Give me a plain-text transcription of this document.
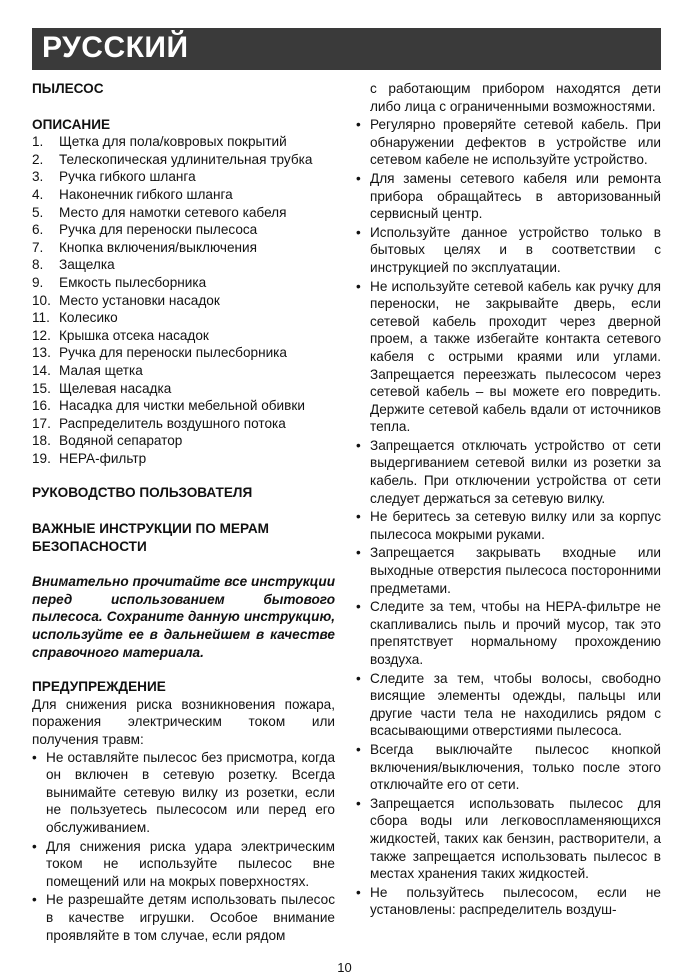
РУССКИЙ

ПЫЛЕСОС

ОПИСАНИЕ

1.	Щетка для пола/ковровых покрытий
2.	Телескопическая удлинительная трубка
3.	Ручка гибкого шланга
4.	Наконечник гибкого шланга
5.	Место для намотки сетевого кабеля
6.	Ручка для переноски пылесоса
7.	Кнопка включения/выключения
8.	Защелка
9.	Емкость пылесборника
10. Место установки насадок
11. Колесико
12. Крышка отсека насадок
13. Ручка для переноски пылесборника
14. Малая щетка
15. Щелевая насадка
16. Насадка для чистки мебельной обивки
17. Распределитель воздушного потока
18. Водяной сепаратор
19. НЕРА-фильтр

РУКОВОДСТВО ПОЛЬЗОВАТЕЛЯ

ВАЖНЫЕ ИНСТРУКЦИИ ПО МЕРАМ БЕЗОПАСНОСТИ

Внимательно прочитайте все инструкции перед использованием бытового пылесоса. Сохраните данную инструкцию, используйте ее в дальнейшем в качестве справочного материала.

ПРЕДУПРЕЖДЕНИЕ

Для снижения риска возникновения пожара, поражения электрическим током или получения травм:

• Не оставляйте пылесос без присмотра, когда он включен в сетевую розетку. Всегда вынимайте сетевую вилку из розетки, если не пользуетесь пылесосом или перед его обслуживанием.
• Для снижения риска удара электрическим током не используйте пылесос вне помещений или на мокрых поверхностях.
• Не разрешайте детям использовать пылесос в качестве игрушки. Особое внимание проявляйте в том случае, если рядом

с работающим прибором находятся дети либо лица с ограниченными возможностями.

• Регулярно проверяйте сетевой кабель. При обнаружении дефектов в устройстве или сетевом кабеле не используйте устройство.
• Для замены сетевого кабеля или ремонта прибора обращайтесь в авторизованный сервисный центр.
• Используйте данное устройство только в бытовых целях и в соответствии с инструкцией по эксплуатации.
• Не используйте сетевой кабель как ручку для переноски, не закрывайте дверь, если сетевой кабель проходит через дверной проем, а также избегайте контакта сетевого кабеля с острыми краями или углами. Запрещается переезжать пылесосом через сетевой кабель – вы можете его повредить. Держите сетевой кабель вдали от источников тепла.
• Запрещается отключать устройство от сети выдергиванием сетевой вилки из розетки за кабель. При отключении устройства от сети следует держаться за сетевую вилку.
• Не беритесь за сетевую вилку или за корпус пылесоса мокрыми руками.
• Запрещается закрывать входные или выходные отверстия пылесоса посторонними предметами.
• Следите за тем, чтобы на НЕРА-фильтре не скапливались пыль и прочий мусор, так это препятствует нормальному прохождению воздуха.
• Следите за тем, чтобы волосы, свободно висящие элементы одежды, пальцы или другие части тела не находились рядом с всасывающими отверстиями пылесоса.
• Всегда выключайте пылесос кнопкой включения/выключения, только после этого отключайте его от сети.
• Запрещается использовать пылесос для сбора воды или легковоспламеняющихся жидкостей, таких как бензин, растворители, а также запрещается использовать пылесос в местах хранения таких жидкостей.
• Не пользуйтесь пылесосом, если не установлены: распределитель воздуш-
10
